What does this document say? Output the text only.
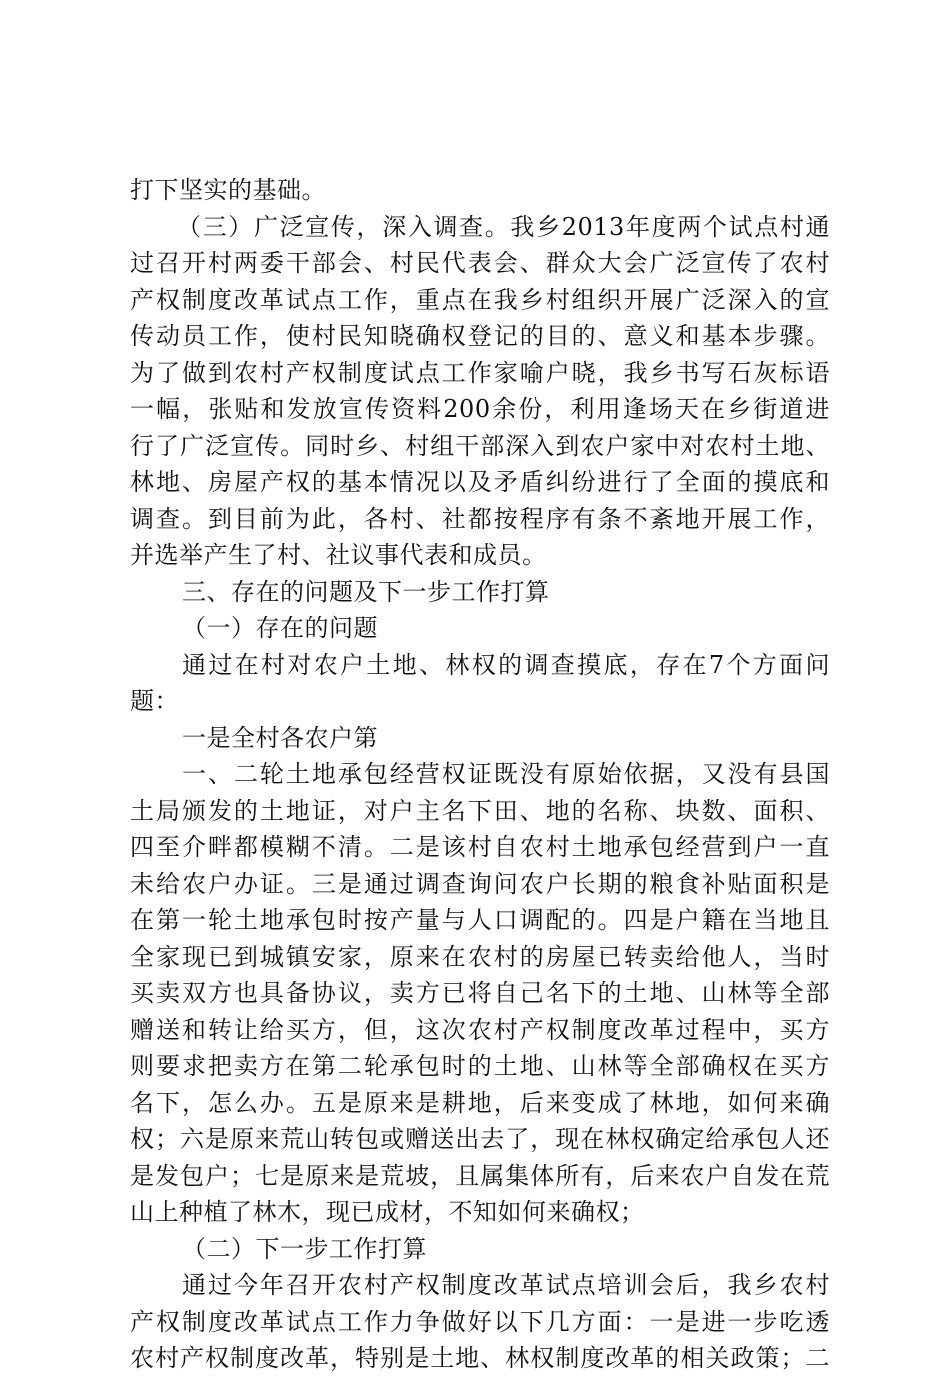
打下坚实的基础。
（三）广泛宣传，深入调查。我乡2013年度两个试点村通
过召开村两委干部会、村民代表会、群众大会广泛宣传了农村
产权制度改革试点工作，重点在我乡村组织开展广泛深入的宣
传动员工作，使村民知晓确权登记的目的、意义和基本步骤。
为了做到农村产权制度试点工作家喻户晓，我乡书写石灰标语
一幅，张贴和发放宣传资料200余份，利用逢场天在乡街道进
行了广泛宣传。同时乡、村组干部深入到农户家中对农村土地、
林地、房屋产权的基本情况以及矛盾纠纷进行了全面的摸底和
调查。到目前为此，各村、社都按程序有条不紊地开展工作，
并选举产生了村、社议事代表和成员。
三、存在的问题及下一步工作打算
（一）存在的问题
通过在村对农户土地、林权的调查摸底，存在7个方面问
题：
一是全村各农户第
一、二轮土地承包经营权证既没有原始依据，又没有县国
土局颁发的土地证，对户主名下田、地的名称、块数、面积、
四至介畔都模糊不清。二是该村自农村土地承包经营到户一直
未给农户办证。三是通过调查询问农户长期的粮食补贴面积是
在第一轮土地承包时按产量与人口调配的。四是户籍在当地且
全家现已到城镇安家，原来在农村的房屋已转卖给他人，当时
买卖双方也具备协议，卖方已将自己名下的土地、山林等全部
赠送和转让给买方，但，这次农村产权制度改革过程中，买方
则要求把卖方在第二轮承包时的土地、山林等全部确权在买方
名下，怎么办。五是原来是耕地，后来变成了林地，如何来确
权；六是原来荒山转包或赠送出去了，现在林权确定给承包人还
是发包户；七是原来是荒坡，且属集体所有，后来农户自发在荒
山上种植了林木，现已成材，不知如何来确权；
（二）下一步工作打算
通过今年召开农村产权制度改革试点培训会后，我乡农村
产权制度改革试点工作力争做好以下几方面：一是进一步吃透
农村产权制度改革，特别是土地、林权制度改革的相关政策；二
